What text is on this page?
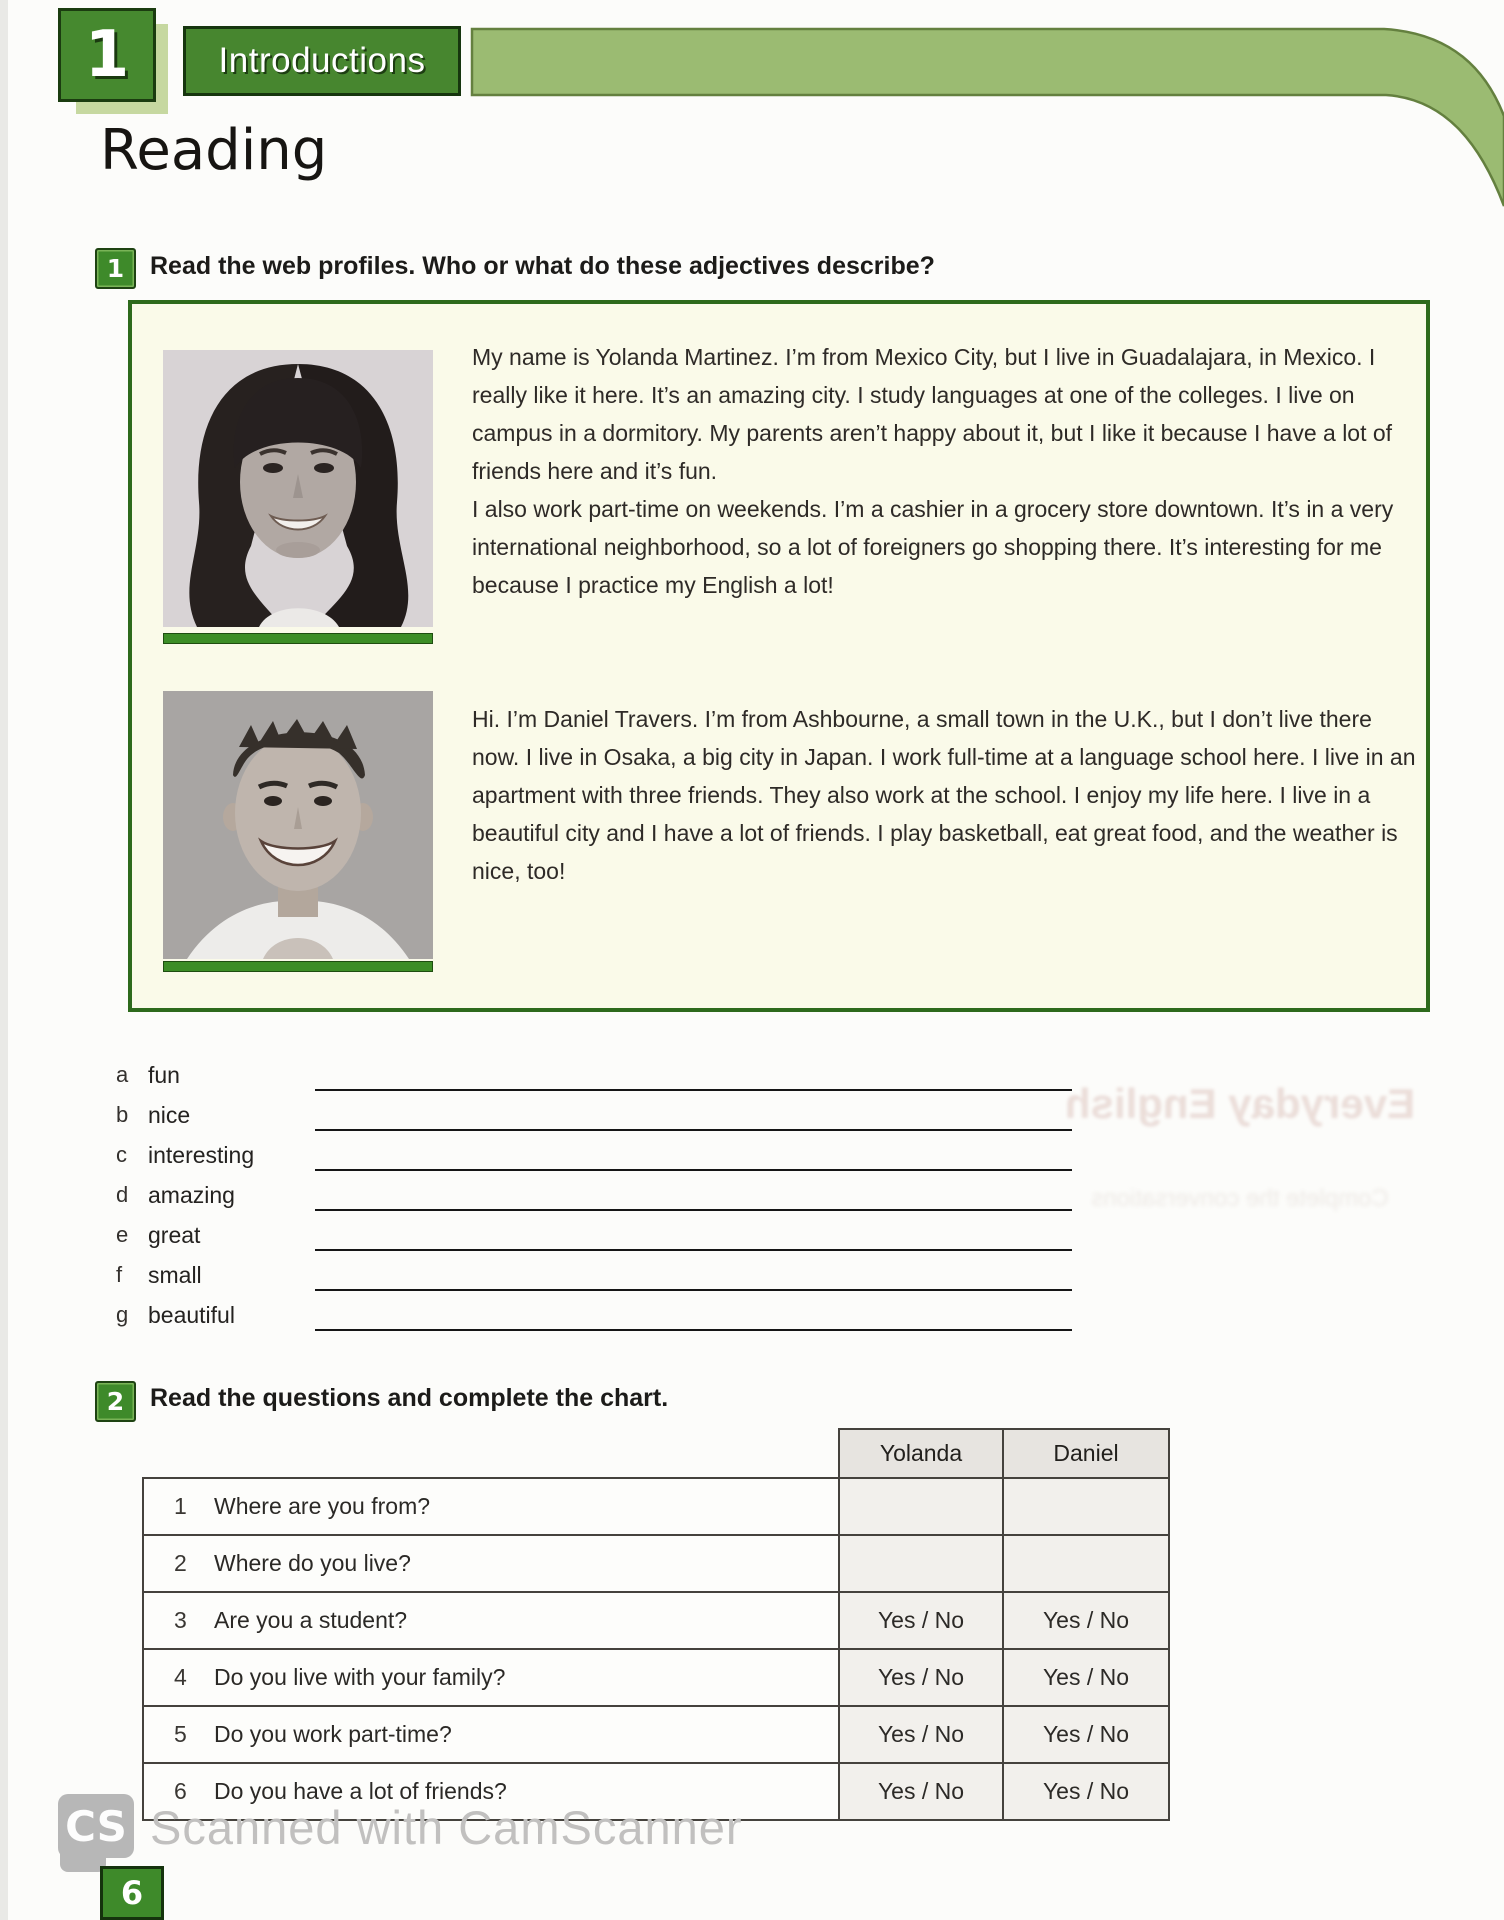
1	Introductions
Reading
1 Read the web profiles. Who or what do these adjectives describe?

My name is Yolanda Martinez. I’m from Mexico City, but I live in Guadalajara, in Mexico. I really like it here. It’s an amazing city. I study languages at one of the colleges. I live on campus in a dormitory. My parents aren’t happy about it, but I like it because I have a lot of friends here and it’s fun.

I also work part-time on weekends. I’m a cashier in a grocery store downtown. It’s in a very international neighborhood, so a lot of foreigners go shopping there. It’s interesting for me because I practice my English a lot!

Hi. I’m Daniel Travers. I’m from Ashbourne, a small town in the U.K., but I don’t live there now. I live in Osaka, a big city in Japan. I work full-time at a language school here. I live in an apartment with three friends. They also work at the school. I enjoy my life here. I live in a beautiful city and I have a lot of friends. I play basketball, eat great food, and the weather is nice, too!

Everyday English
Complete the conversations
a fun
b nice
c interesting
d amazing
e great
f small
g beautiful
2 Read the questions and complete the chart.
	Yolanda	Daniel
1 Where are you from?		
2 Where do you live?		
3 Are you a student?	Yes / No	Yes / No
4 Do you live with your family?	Yes / No	Yes / No
5 Do you work part-time?	Yes / No	Yes / No
6 Do you have a lot of friends?	Yes / No	Yes / No
CS Scanned with CamScanner
6
